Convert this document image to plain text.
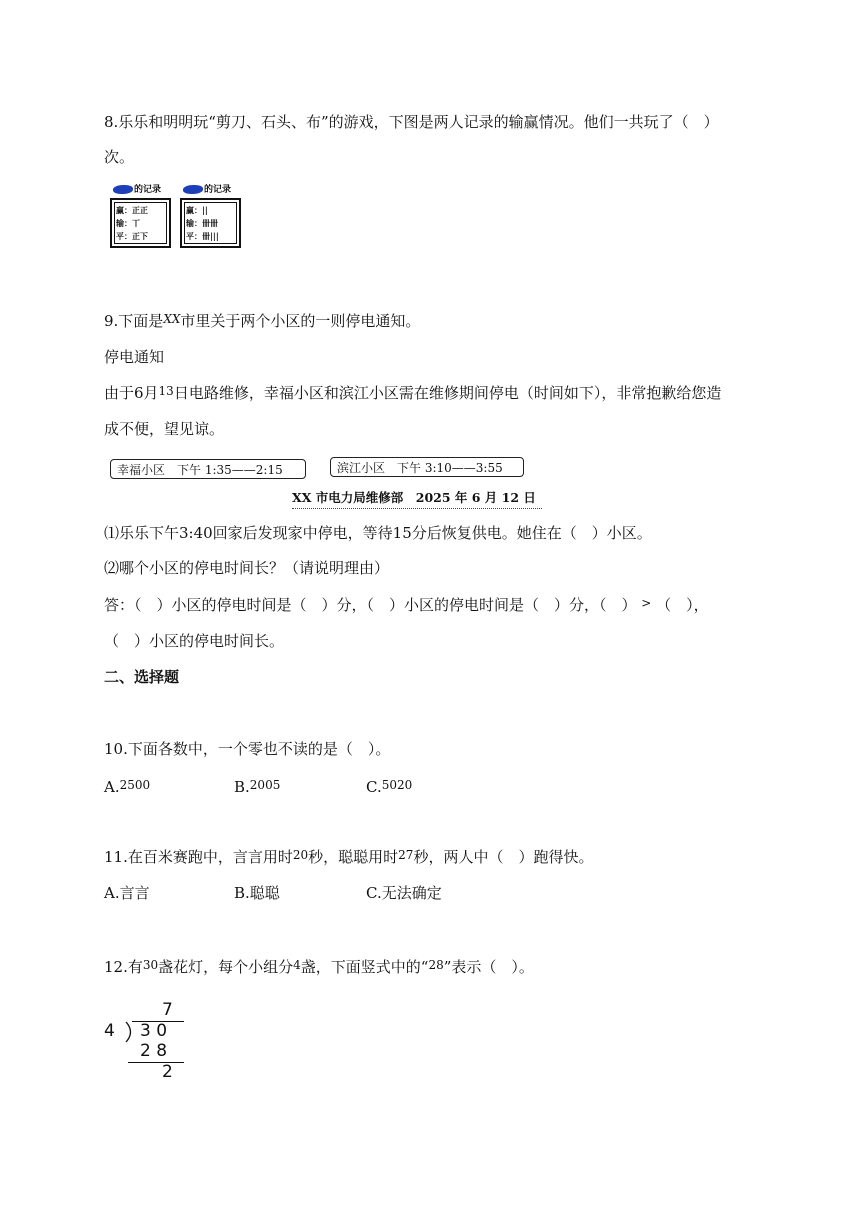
8.乐乐和明明玩“剪刀、石头、布”的游戏，下图是两人记录的输赢情况。他们一共玩了（　）
次。
的记录
赢：正正
输：丅
平：正下
的记录
赢：||
输：卌卌
平：卌|||
9.下面是$^{XX}$市里关于两个小区的一则停电通知。
停电通知
由于6月$^{13}$日电路维修，幸福小区和滨江小区需在维修期间停电（时间如下），非常抱歉给您造
成不便，望见谅。
幸福小区　下午 1:35——2:15	滨江小区　下午 3:10——3:55
XX 市电力局维修部　2025 年 6 月 12 日
⑴乐乐下午3:40回家后发现家中停电，等待15分后恢复供电。她住在（　）小区。
⑵哪个小区的停电时间长？（请说明理由）
答：（　）小区的停电时间是（　）分，（　）小区的停电时间是（　）分，（　） > （　），
（　）小区的停电时间长。
二、选择题
10.下面各数中，一个零也不读的是（　）。
A.$^{2500}$	B.$^{2005}$	C.$^{5020}$
11.在百米赛跑中，言言用时$^{20}$秒，聪聪用时$^{27}$秒，两人中（　）跑得快。
A.言言	B.聪聪	C.无法确定
12.有$^{30}$盏花灯，每个小组分$^4$盏，下面竖式中的“$^{28}$”表示（　）。
7
4 3 0
2 8
2
